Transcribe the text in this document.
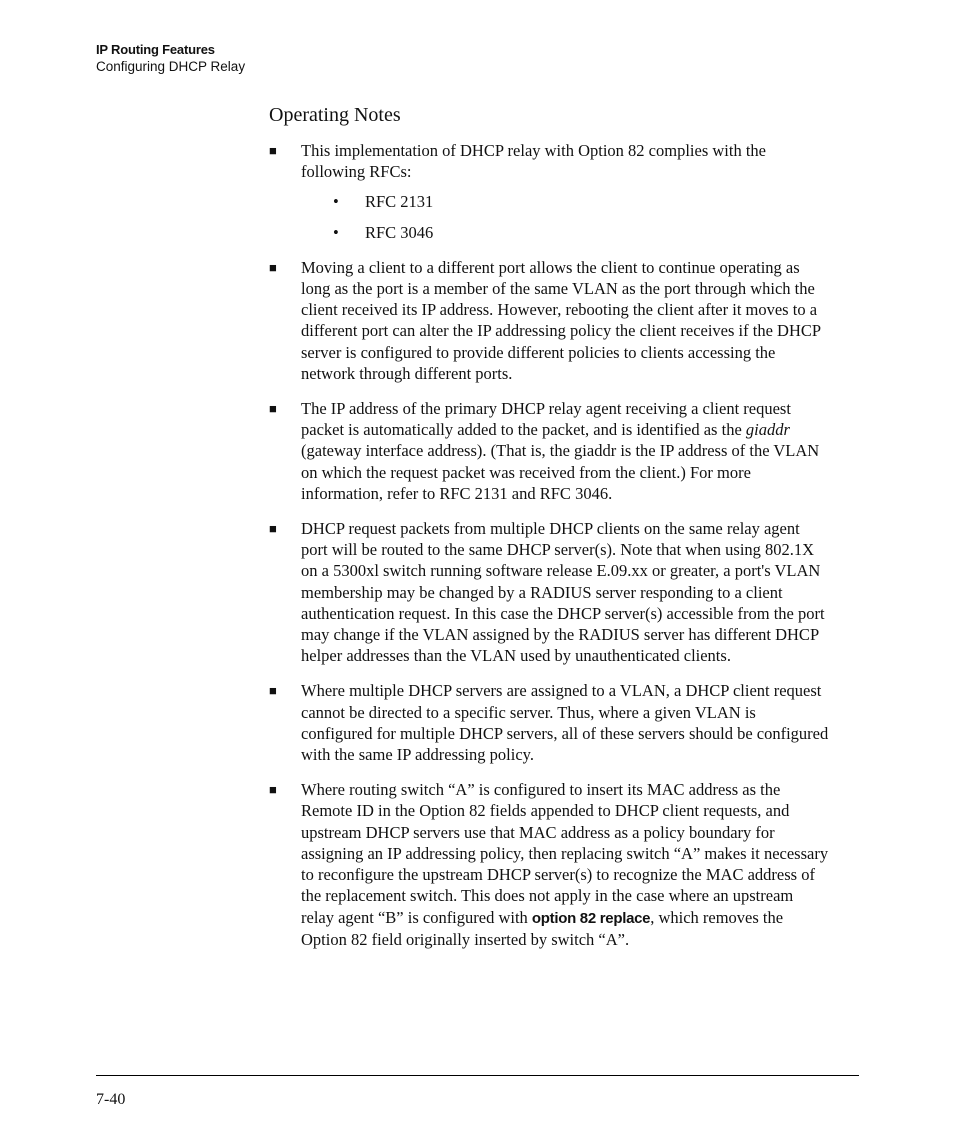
IP Routing Features
Configuring DHCP Relay
Operating Notes
■ This implementation of DHCP relay with Option 82 complies with the following RFCs:
• RFC 2131
• RFC 3046
■ Moving a client to a different port allows the client to continue operating as long as the port is a member of the same VLAN as the port through which the client received its IP address. However, rebooting the client after it moves to a different port can alter the IP addressing policy the client receives if the DHCP server is configured to provide different policies to clients accessing the network through different ports.
■ The IP address of the primary DHCP relay agent receiving a client request packet is automatically added to the packet, and is identified as the giaddr (gateway interface address). (That is, the giaddr is the IP address of the VLAN on which the request packet was received from the client.) For more information, refer to RFC 2131 and RFC 3046.
■ DHCP request packets from multiple DHCP clients on the same relay agent port will be routed to the same DHCP server(s). Note that when using 802.1X on a 5300xl switch running software release E.09.xx or greater, a port's VLAN membership may be changed by a RADIUS server responding to a client authentication request. In this case the DHCP server(s) accessible from the port may change if the VLAN assigned by the RADIUS server has different DHCP helper addresses than the VLAN used by unauthenticated clients.
■ Where multiple DHCP servers are assigned to a VLAN, a DHCP client request cannot be directed to a specific server. Thus, where a given VLAN is configured for multiple DHCP servers, all of these servers should be configured with the same IP addressing policy.
■ Where routing switch “A” is configured to insert its MAC address as the Remote ID in the Option 82 fields appended to DHCP client requests, and upstream DHCP servers use that MAC address as a policy boundary for assigning an IP addressing policy, then replacing switch “A” makes it necessary to reconfigure the upstream DHCP server(s) to recognize the MAC address of the replacement switch. This does not apply in the case where an upstream relay agent “B” is configured with option 82 replace, which removes the Option 82 field originally inserted by switch “A”.
7-40
